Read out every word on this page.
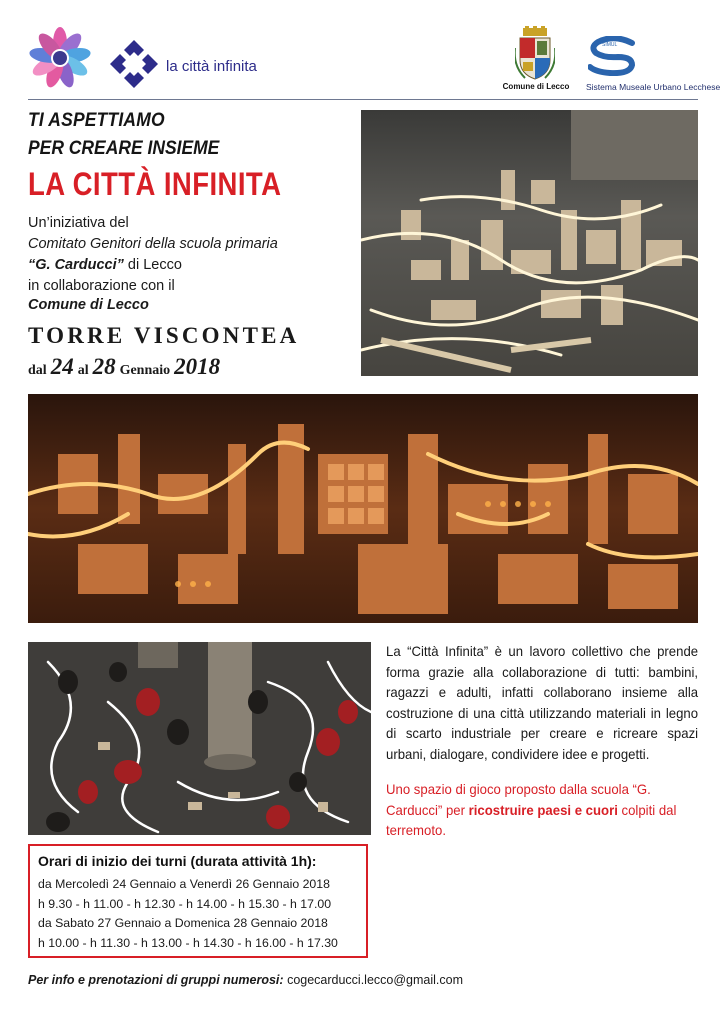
la città infinita
Comune di Lecco
SIMUL
Sistema Museale Urbano Lecchese
TI ASPETTIAMO
PER CREARE INSIEME
LA CITTÀ INFINITA
Un’iniziativa del
Comitato Genitori della scuola primaria
“G. Carducci” di Lecco
in collaborazione con il
Comune di Lecco
TORRE VISCONTEA
dal 24 al 28 Gennaio 2018
La “Città Infinita” è un lavoro collettivo che prende forma grazie alla collaborazione di tutti: bambini, ragazzi e adulti, infatti collaborano insieme alla costruzione di una città utilizzando materiali in legno di scarto industriale per creare e ricreare spazi urbani, dialogare, condividere idee e progetti.
Uno spazio di gioco proposto dalla scuola “G. Carducci” per ricostruire paesi e cuori colpiti dal terremoto.
Orari di inizio dei turni (durata attività 1h):
da Mercoledì 24 Gennaio a Venerdì 26 Gennaio 2018
h 9.30 - h 11.00 - h 12.30 - h 14.00 - h 15.30 - h 17.00
da Sabato 27 Gennaio a Domenica 28 Gennaio 2018
h 10.00 - h 11.30 - h 13.00 - h 14.30 - h 16.00 - h 17.30
Per info e prenotazioni di gruppi numerosi: cogecarducci.lecco@gmail.com
